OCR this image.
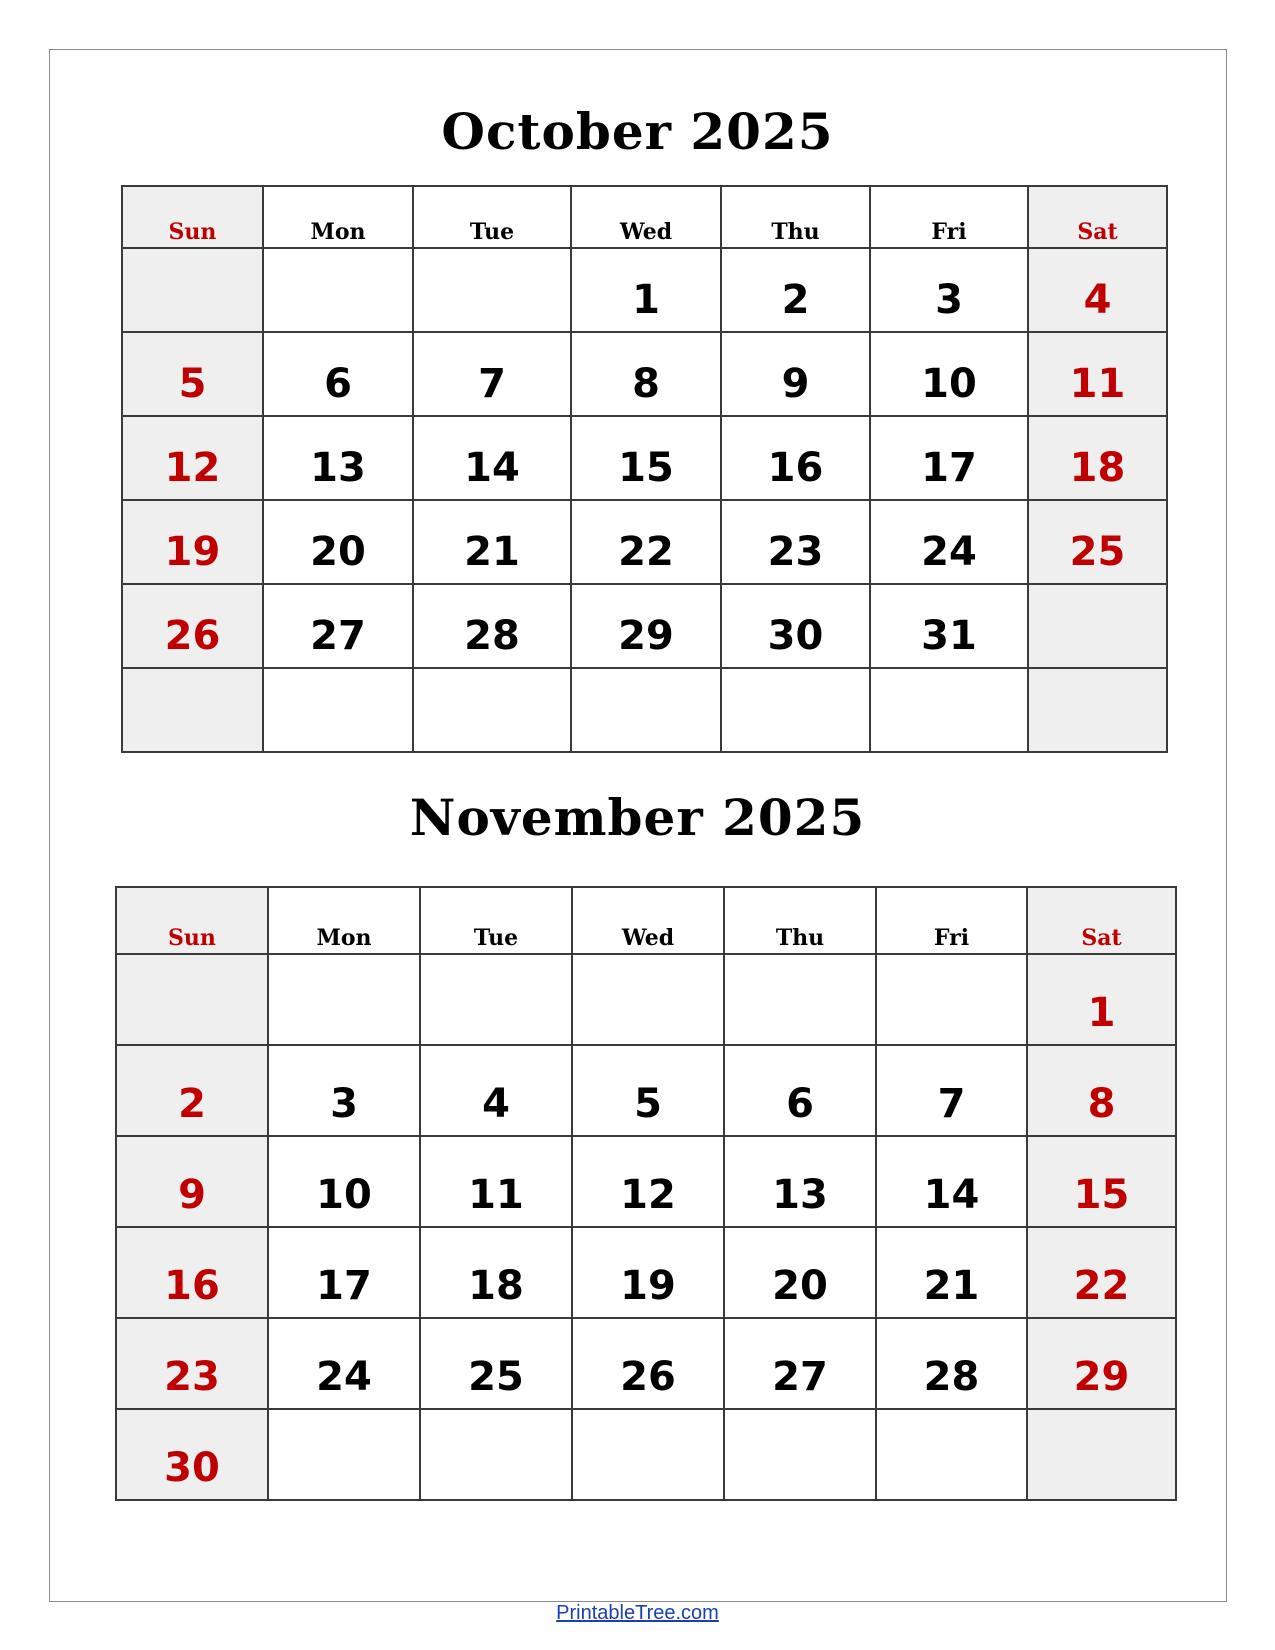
October 2025
Sun	Mon	Tue	Wed	Thu	Fri	Sat
			1	2	3	4
5	6	7	8	9	10	11
12	13	14	15	16	17	18
19	20	21	22	23	24	25
26	27	28	29	30	31	

November 2025
Sun	Mon	Tue	Wed	Thu	Fri	Sat
						1
2	3	4	5	6	7	8
9	10	11	12	13	14	15
16	17	18	19	20	21	22
23	24	25	26	27	28	29
30						
PrintableTree.com
